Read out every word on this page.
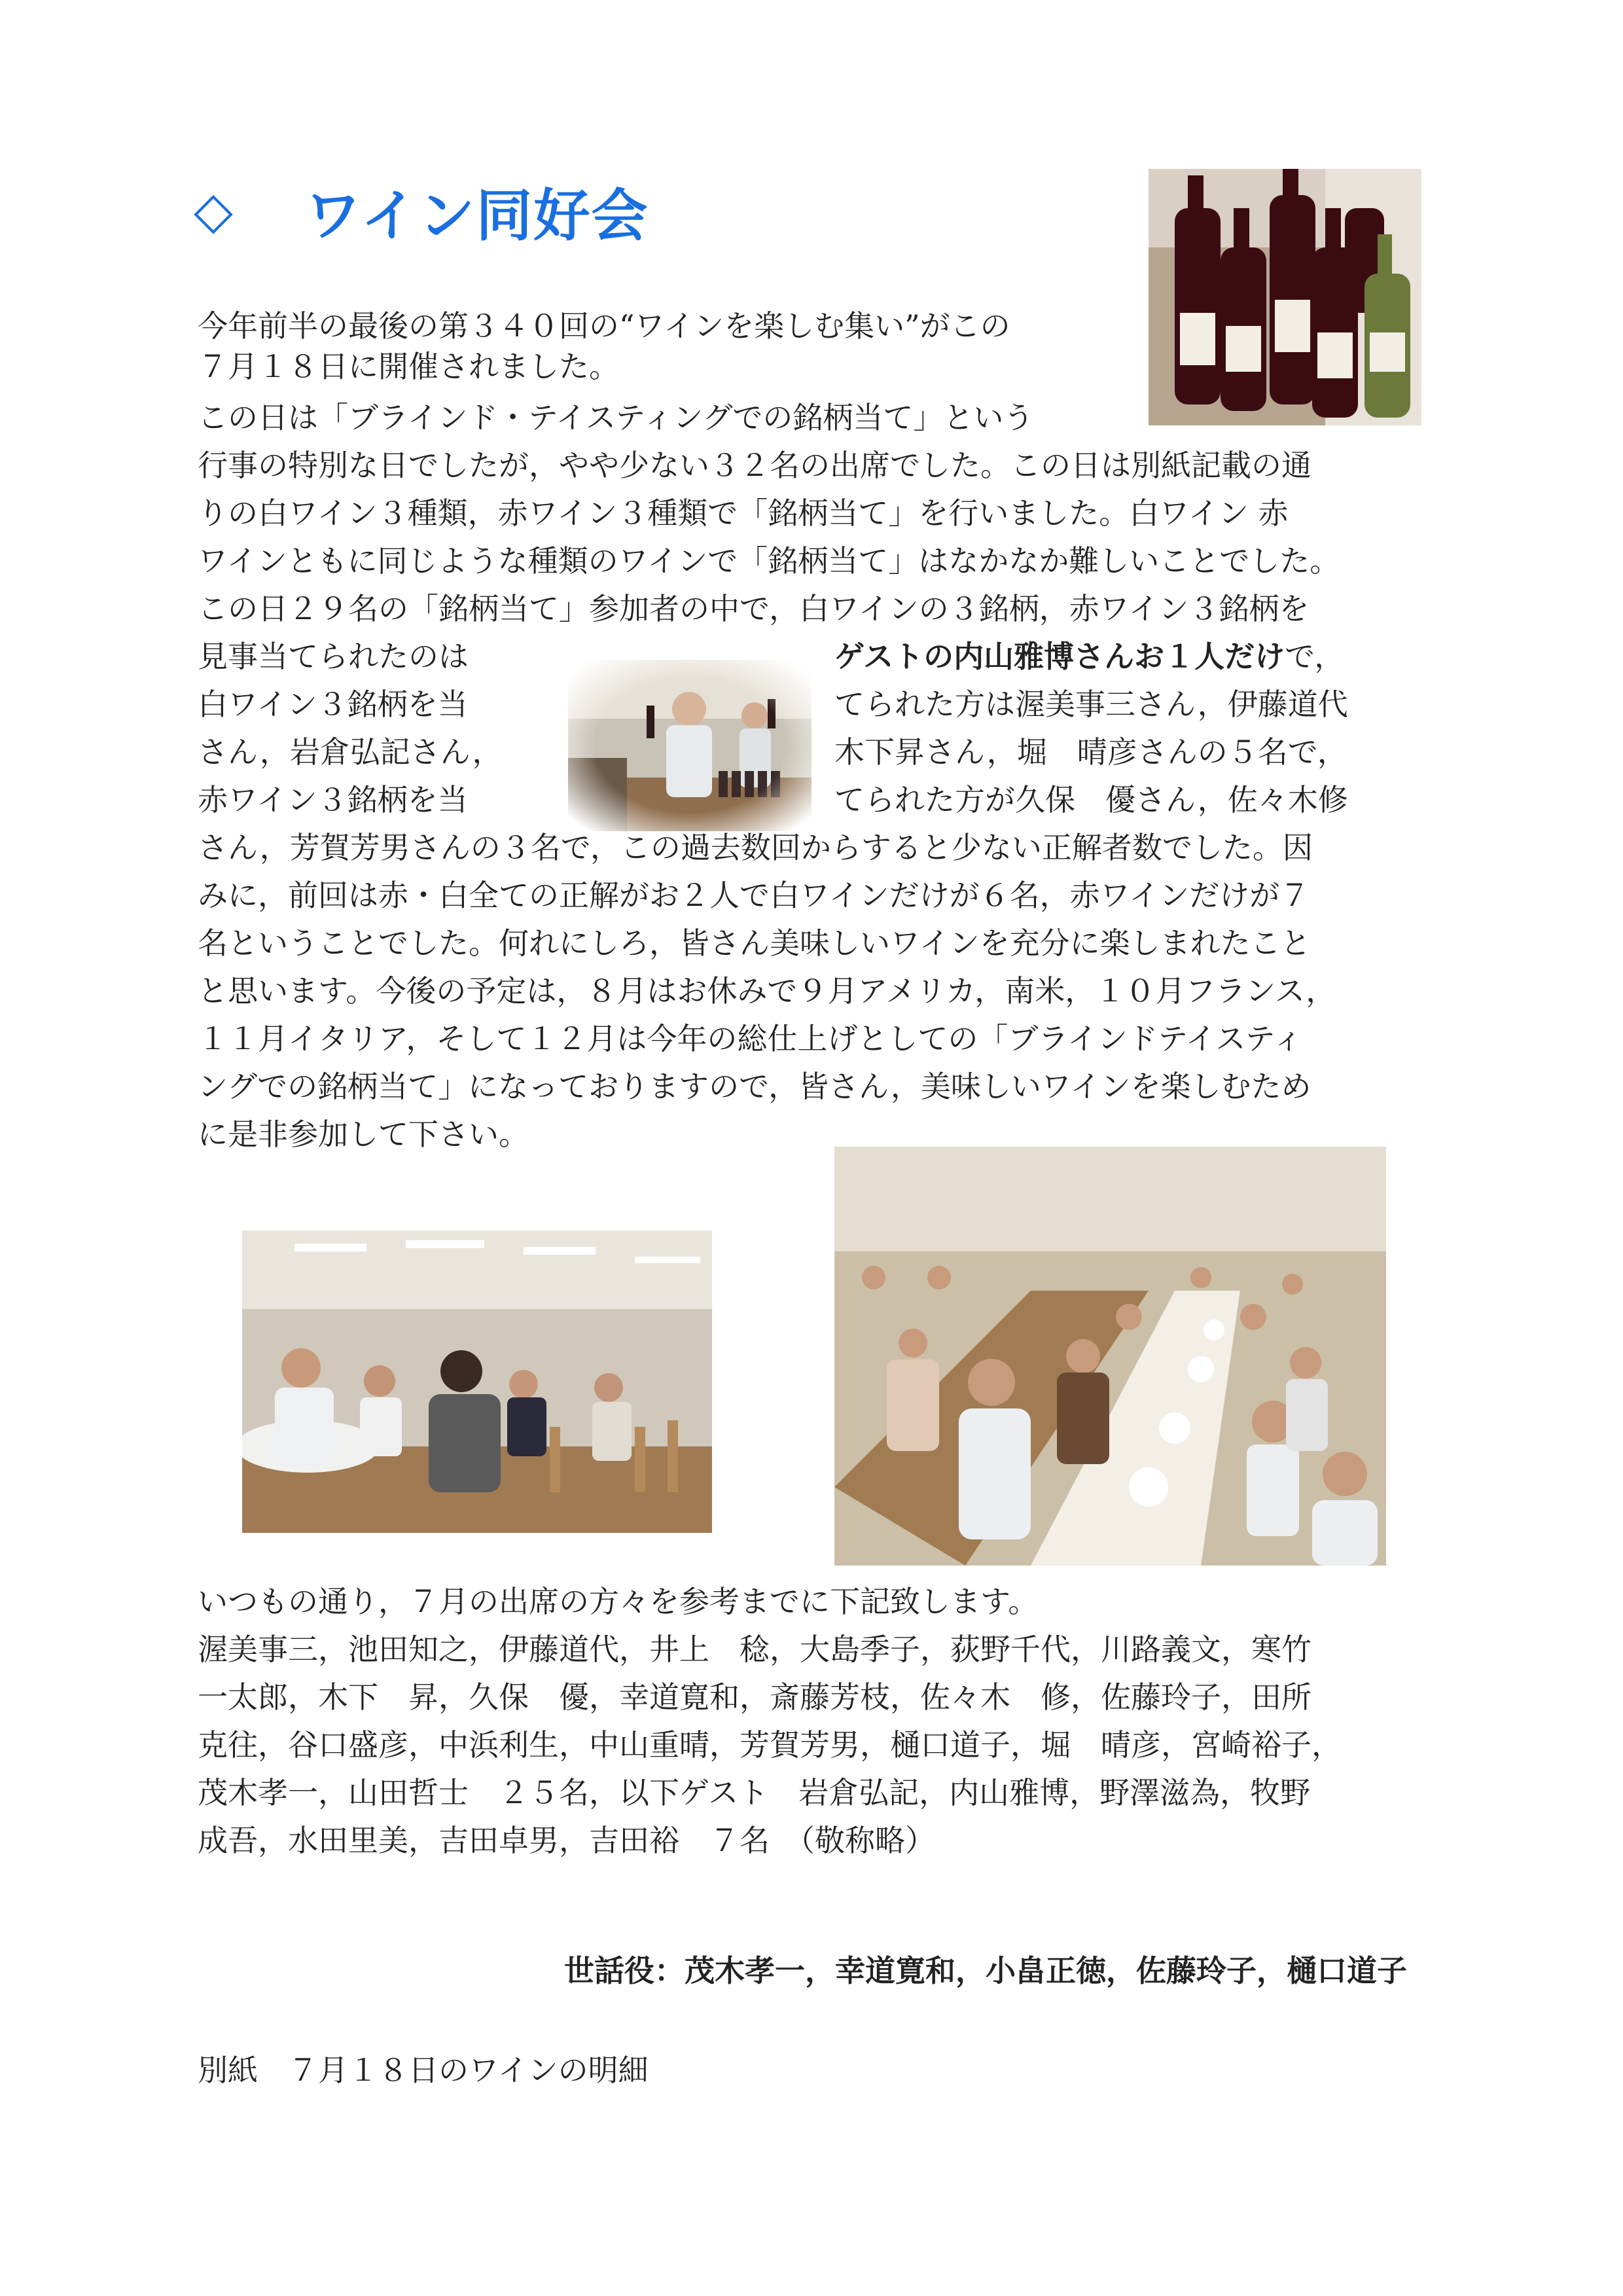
◇ ワイン同好会
今年前半の最後の第３４０回の“ワインを楽しむ集い”がこの
７月１８日に開催されました。
この日は「ブラインド・テイスティングでの銘柄当て」という
行事の特別な日でしたが，やや少ない３２名の出席でした。この日は別紙記載の通
りの白ワイン３種類，赤ワイン３種類で「銘柄当て」を行いました。白ワイン 赤
ワインともに同じような種類のワインで「銘柄当て」はなかなか難しいことでした。
この日２９名の「銘柄当て」参加者の中で，白ワインの３銘柄，赤ワイン３銘柄を
見事当てられたのは	ゲストの内山雅博さんお１人だけで，
白ワイン３銘柄を当	てられた方は渥美事三さん，伊藤道代
さん，岩倉弘記さん，	木下昇さん，堀　晴彦さんの５名で，
赤ワイン３銘柄を当	てられた方が久保　優さん，佐々木修
さん，芳賀芳男さんの３名で，この過去数回からすると少ない正解者数でした。因
みに，前回は赤・白全ての正解がお２人で白ワインだけが６名，赤ワインだけが７
名ということでした。何れにしろ，皆さん美味しいワインを充分に楽しまれたこと
と思います。今後の予定は，８月はお休みで９月アメリカ，南米，１０月フランス，
１１月イタリア，そして１２月は今年の総仕上げとしての「ブラインドテイスティ
ングでの銘柄当て」になっておりますので，皆さん，美味しいワインを楽しむため
に是非参加して下さい。
いつもの通り，７月の出席の方々を参考までに下記致します。
渥美事三，池田知之，伊藤道代，井上　稔，大島季子，荻野千代，川路義文，寒竹
一太郎，木下　昇，久保　優，幸道寛和，斎藤芳枝，佐々木　修，佐藤玲子，田所
克往，谷口盛彦，中浜利生，中山重晴，芳賀芳男，樋口道子，堀　晴彦，宮崎裕子，
茂木孝一，山田哲士　２５名，以下ゲスト　岩倉弘記，内山雅博，野澤滋為，牧野
成吾，水田里美，吉田卓男，吉田裕　７名　（敬称略）
世話役：茂木孝一，幸道寛和，小畠正徳，佐藤玲子，樋口道子
別紙　７月１８日のワインの明細
